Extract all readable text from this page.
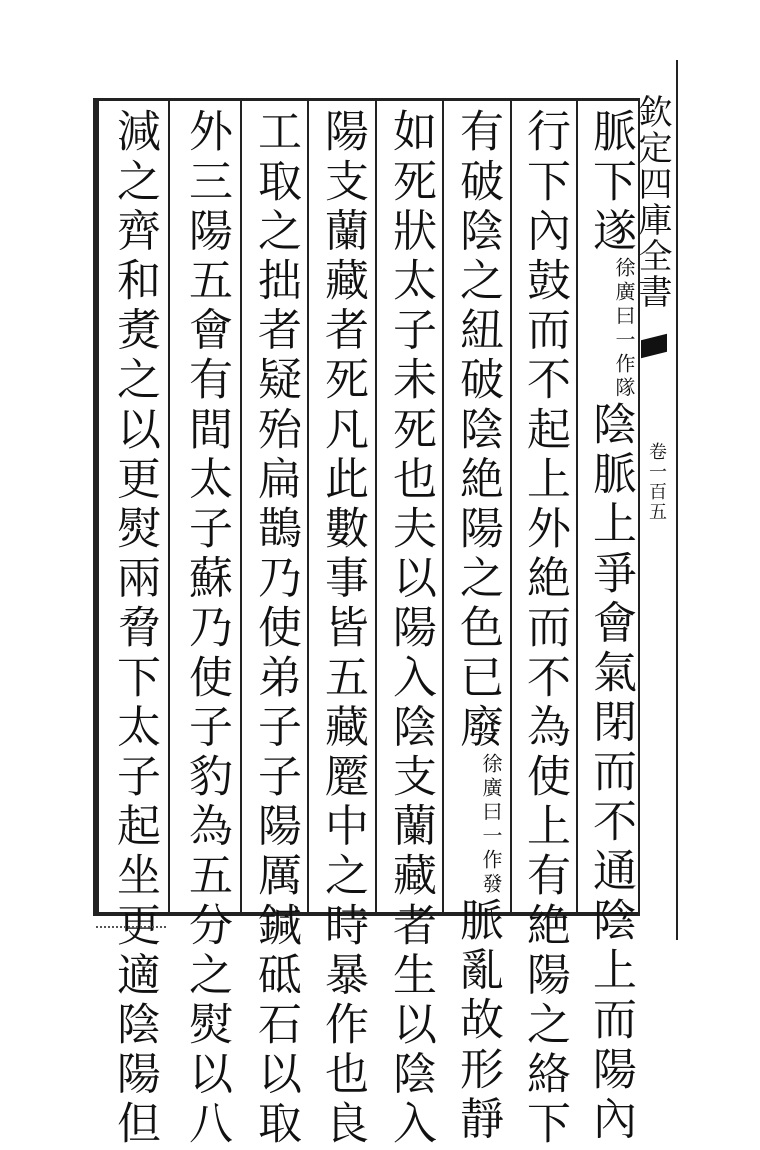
欽定四庫全書
卷一百五
脈下遂徐廣曰一作隊陰脈上爭會氣閉而不通陰上而陽內
行下內鼓而不起上外絶而不為使上有絶陽之絡下
有破陰之紐破陰絶陽之色已廢徐廣曰一作發脈亂故形靜
如死狀太子未死也夫以陽入陰支蘭藏者生以陰入
陽支蘭藏者死凡此數事皆五藏蹷中之時暴作也良
工取之拙者疑殆扁鵲乃使弟子子陽厲鍼砥石以取
外三陽五會有間太子蘇乃使子豹為五分之熨以八
減之齊和煑之以更熨兩脅下太子起坐更適陰陽但
